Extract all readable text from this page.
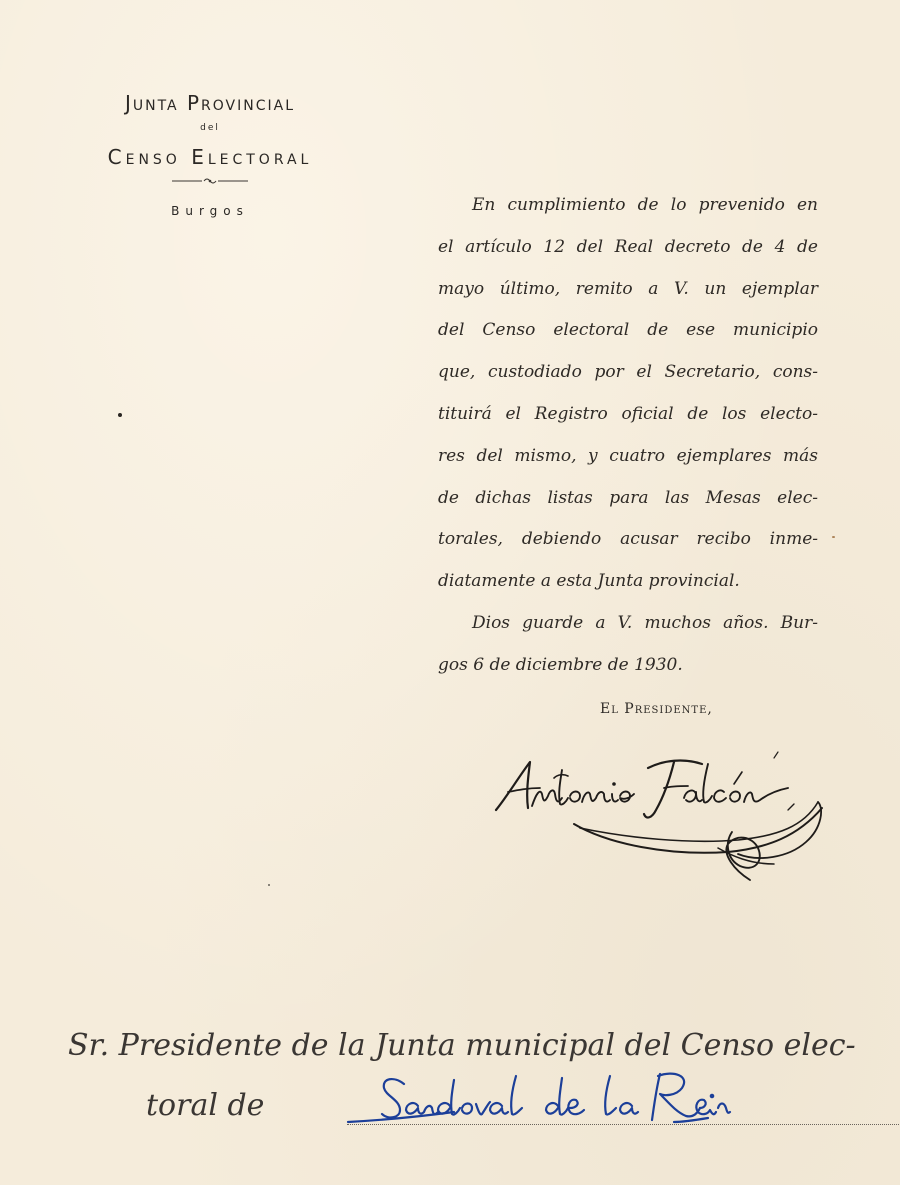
Junta Provincial
del
Censo Electoral
Burgos	En cumplimiento de lo prevenido en
el artículo 12 del Real decreto de 4 de
mayo último, remito a V. un ejemplar
del Censo electoral de ese municipio
que, custodiado por el Secretario, cons-
tituirá el Registro oficial de los electo-
res del mismo, y cuatro ejemplares más
de dichas listas para las Mesas elec-
torales, debiendo acusar recibo inme-
diatamente a esta Junta provincial.

Dios guarde a V. muchos años. Bur-
gos 6 de diciembre de 1930.

El Presidente,
Sr. Presidente de la Junta municipal del Censo elec-
toral de
